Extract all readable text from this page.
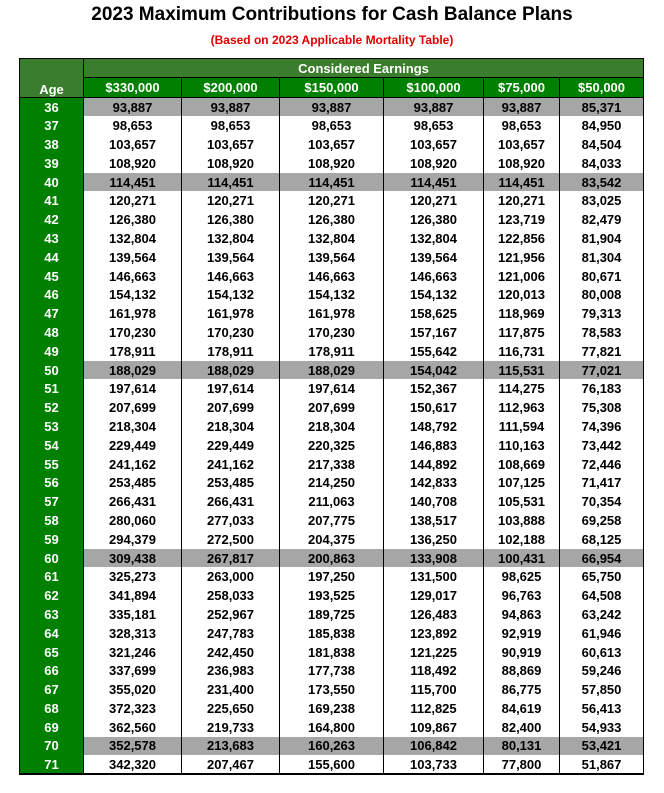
2023 Maximum Contributions for Cash Balance Plans
(Based on 2023 Applicable Mortality Table)
Age	Considered Earnings					
	$330,000	$200,000	$150,000	$100,000	$75,000	$50,000
36	93,887	93,887	93,887	93,887	93,887	85,371
37	98,653	98,653	98,653	98,653	98,653	84,950
38	103,657	103,657	103,657	103,657	103,657	84,504
39	108,920	108,920	108,920	108,920	108,920	84,033
40	114,451	114,451	114,451	114,451	114,451	83,542
41	120,271	120,271	120,271	120,271	120,271	83,025
42	126,380	126,380	126,380	126,380	123,719	82,479
43	132,804	132,804	132,804	132,804	122,856	81,904
44	139,564	139,564	139,564	139,564	121,956	81,304
45	146,663	146,663	146,663	146,663	121,006	80,671
46	154,132	154,132	154,132	154,132	120,013	80,008
47	161,978	161,978	161,978	158,625	118,969	79,313
48	170,230	170,230	170,230	157,167	117,875	78,583
49	178,911	178,911	178,911	155,642	116,731	77,821
50	188,029	188,029	188,029	154,042	115,531	77,021
51	197,614	197,614	197,614	152,367	114,275	76,183
52	207,699	207,699	207,699	150,617	112,963	75,308
53	218,304	218,304	218,304	148,792	111,594	74,396
54	229,449	229,449	220,325	146,883	110,163	73,442
55	241,162	241,162	217,338	144,892	108,669	72,446
56	253,485	253,485	214,250	142,833	107,125	71,417
57	266,431	266,431	211,063	140,708	105,531	70,354
58	280,060	277,033	207,775	138,517	103,888	69,258
59	294,379	272,500	204,375	136,250	102,188	68,125
60	309,438	267,817	200,863	133,908	100,431	66,954
61	325,273	263,000	197,250	131,500	98,625	65,750
62	341,894	258,033	193,525	129,017	96,763	64,508
63	335,181	252,967	189,725	126,483	94,863	63,242
64	328,313	247,783	185,838	123,892	92,919	61,946
65	321,246	242,450	181,838	121,225	90,919	60,613
66	337,699	236,983	177,738	118,492	88,869	59,246
67	355,020	231,400	173,550	115,700	86,775	57,850
68	372,323	225,650	169,238	112,825	84,619	56,413
69	362,560	219,733	164,800	109,867	82,400	54,933
70	352,578	213,683	160,263	106,842	80,131	53,421
71	342,320	207,467	155,600	103,733	77,800	51,867
